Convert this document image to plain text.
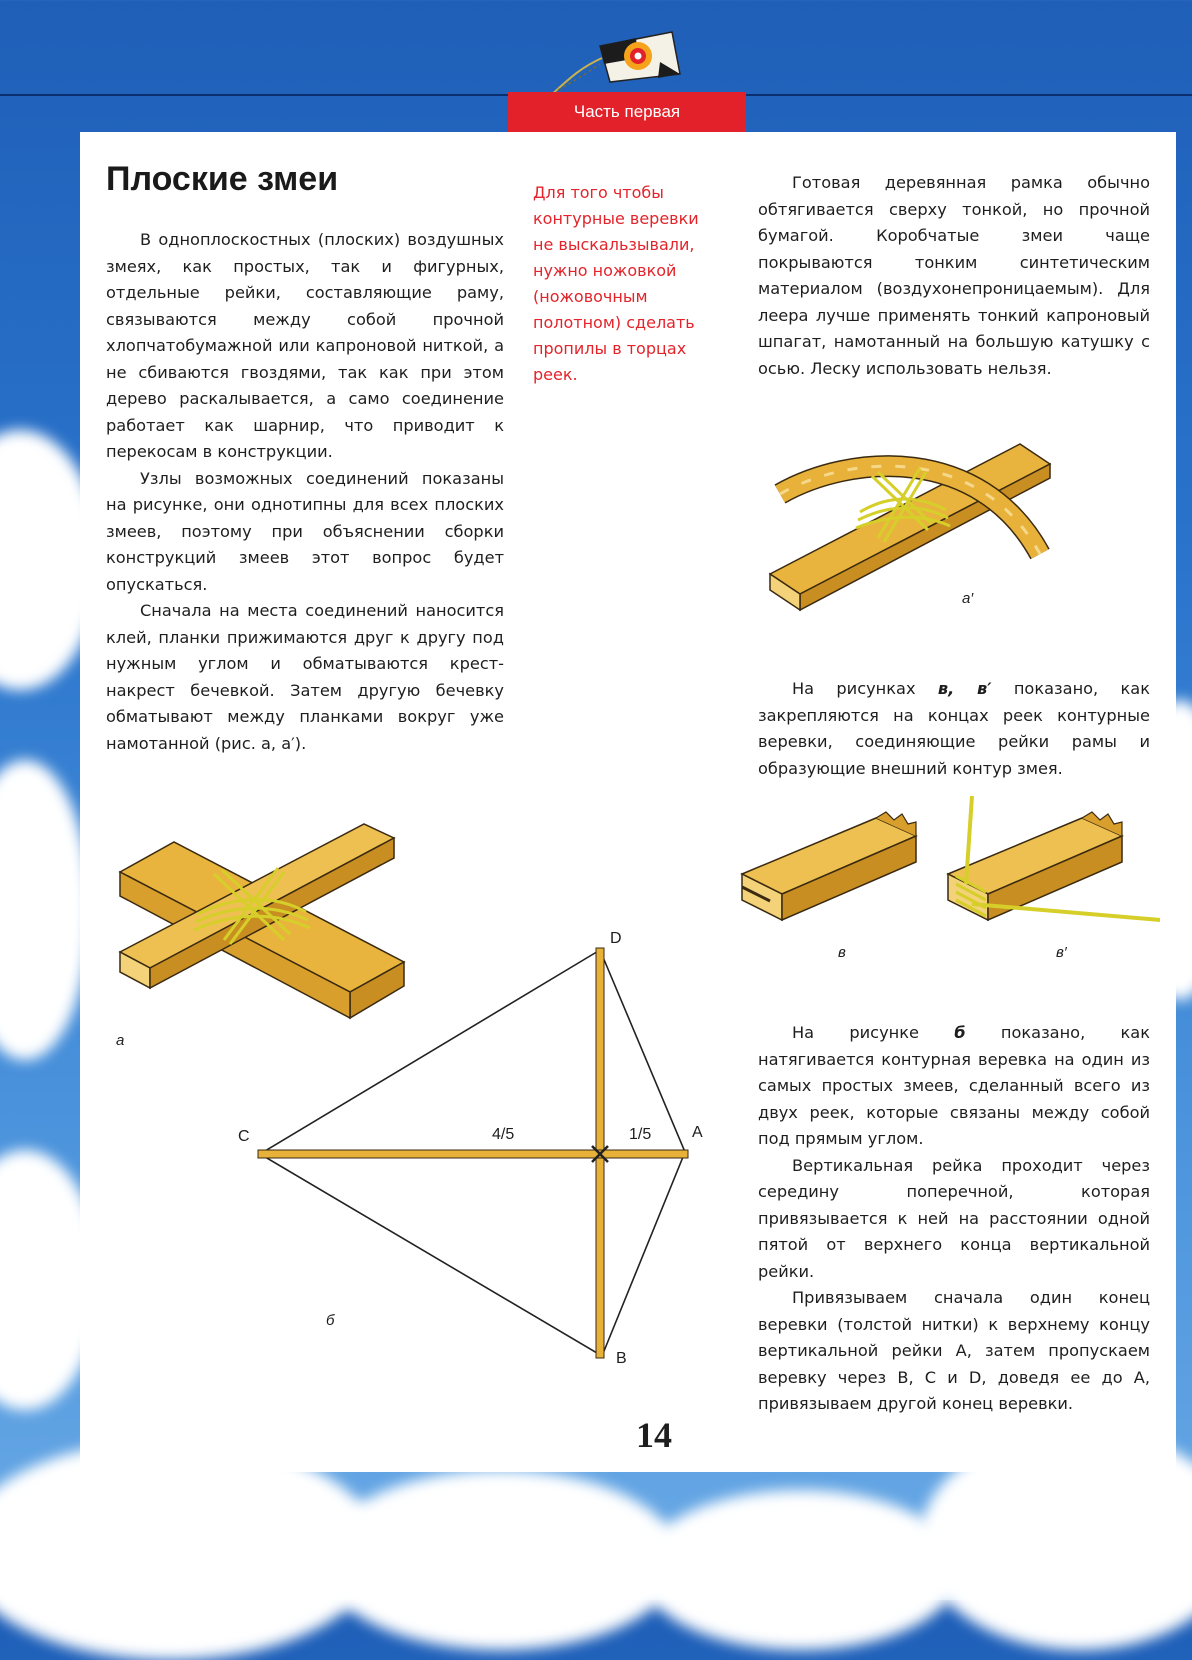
Часть первая
Плоские змеи

В одноплоскостных (плоских) воздушных змеях, как простых, так и фигурных, отдельные рейки, составляющие раму, связываются между собой прочной хлопчатобумажной или капроновой ниткой, а не сбиваются гвоздями, так как при этом дерево раскалывается, а само соединение работает как шарнир, что приводит к перекосам в конструкции.

Узлы возможных соединений показаны на рисунке, они однотипны для всех плоских змеев, поэтому при объяснении сборки конструкций змеев этот вопрос будет опускаться.

Сначала на места соединений наносится клей, планки прижимаются друг к другу под нужным углом и обматываются крест-накрест бечевкой. Затем другую бечевку обматывают между планками вокруг уже намотанной (рис. а, а′).

Для того чтобы контурные веревки не выскальзывали, нужно ножовкой (ножовочным полотном) сделать пропилы в торцах реек.

Готовая деревянная рамка обычно обтягивается сверху тонкой, но прочной бумагой. Коробчатые змеи чаще покрываются тонким синтетическим материалом (воздухонепроницаемым). Для леера лучше применять тонкий капроновый шпагат, намотанный на большую катушку с осью. Леску использовать нельзя.

На рисунках в, в′ показано, как закрепляются на концах реек контурные веревки, соединяющие рейки рамы и образующие внешний контур змея.

На рисунке б показано, как натягивается контурная веревка на один из самых простых змеев, сделанный всего из двух реек, которые связаны между собой под прямым углом.

Вертикальная рейка проходит через середину поперечной, которая привязывается к ней на расстоянии одной пятой от верхнего конца вертикальной рейки.

Привязываем сначала один конец веревки (толстой нитки) к верхнему концу вертикальной рейки А, затем пропускаем веревку через В, С и D, доведя ее до А, привязываем другой конец веревки.

а′
а
в	в′
D
C	A
B
4/5	1/5
б
14
